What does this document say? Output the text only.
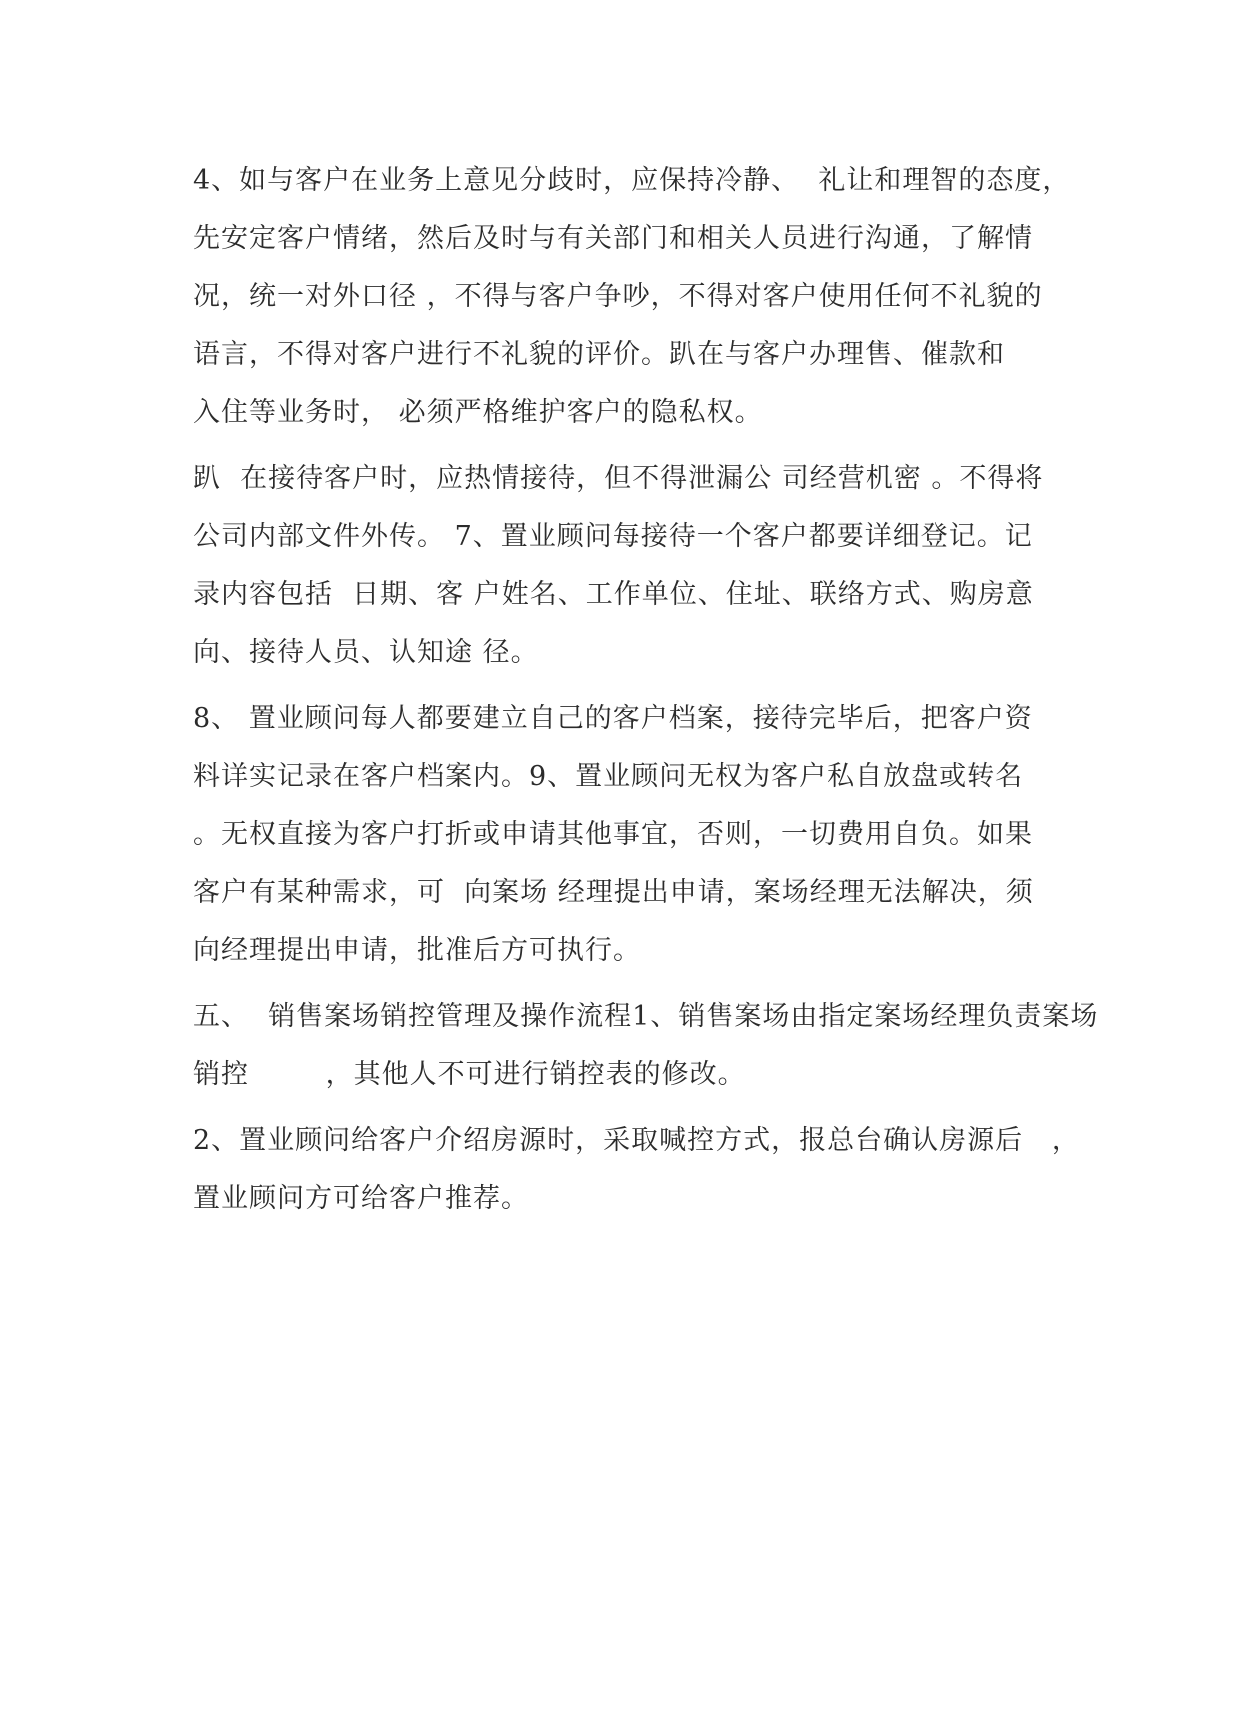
4、如与客户在业务上意见分歧时，应保持冷静、  礼让和理智的态度，
先安定客户情绪，然后及时与有关部门和相关人员进行沟通，了解情
况，统一对外口径 ，不得与客户争吵，不得对客户使用任何不礼貌的
语言，不得对客户进行不礼貌的评价。趴在与客户办理售、催款和
入住等业务时， 必须严格维护客户的隐私权。
趴  在接待客户时，应热情接待，但不得泄漏公 司经营机密 。不得将
公司内部文件外传。 7、置业顾问每接待一个客户都要详细登记。记
录内容包括  日期、客 户姓名、工作单位、住址、联络方式、购房意
向、接待人员、认知途 径。
8、 置业顾问每人都要建立自己的客户档案，接待完毕后，把客户资
料详实记录在客户档案内。9、置业顾问无权为客户私自放盘或转名
。无权直接为客户打折或申请其他事宜，否则，一切费用自负。如果
客户有某种需求，可  向案场 经理提出申请，案场经理无法解决，须
向经理提出申请，批准后方可执行。
五、  销售案场销控管理及操作流程1、销售案场由指定案场经理负责案场
销控        ，其他人不可进行销控表的修改。
2、置业顾问给客户介绍房源时，采取喊控方式，报总台确认房源后   ，
置业顾问方可给客户推荐。
